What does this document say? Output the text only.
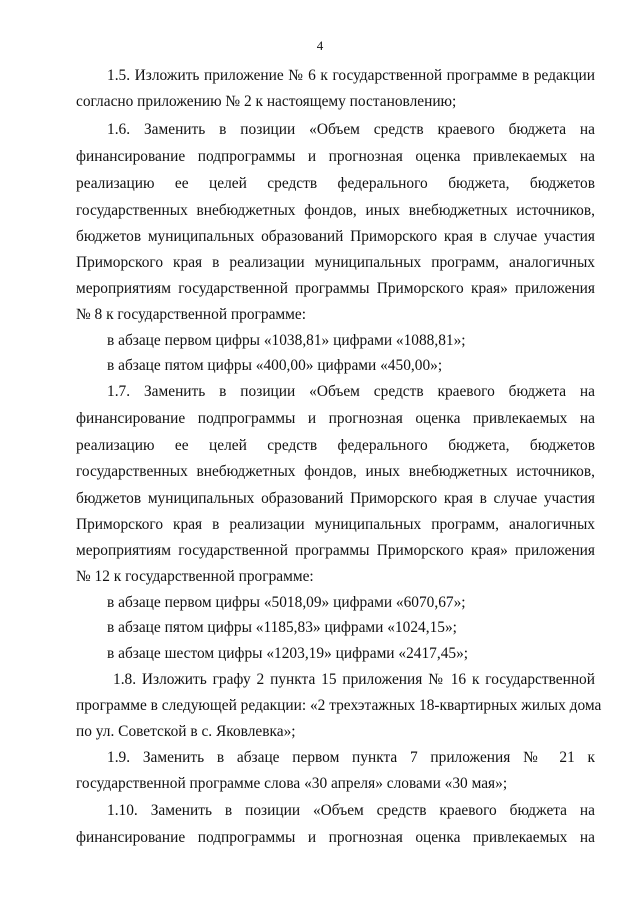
4
1.5. Изложить приложение № 6 к государственной программе в редакции
согласно приложению № 2 к настоящему постановлению;
1.6. Заменить в позиции «Объем средств краевого бюджета на
финансирование подпрограммы и прогнозная оценка привлекаемых на
реализацию ее целей средств федерального бюджета, бюджетов
государственных внебюджетных фондов, иных внебюджетных источников,
бюджетов муниципальных образований Приморского края в случае участия
Приморского края в реализации муниципальных программ, аналогичных
мероприятиям государственной программы Приморского края» приложения
№ 8 к государственной программе:
в абзаце первом цифры «1038,81» цифрами «1088,81»;
в абзаце пятом цифры «400,00» цифрами «450,00»;
1.7. Заменить в позиции «Объем средств краевого бюджета на
финансирование подпрограммы и прогнозная оценка привлекаемых на
реализацию ее целей средств федерального бюджета, бюджетов
государственных внебюджетных фондов, иных внебюджетных источников,
бюджетов муниципальных образований Приморского края в случае участия
Приморского края в реализации муниципальных программ, аналогичных
мероприятиям государственной программы Приморского края» приложения
№ 12 к государственной программе:
в абзаце первом цифры «5018,09» цифрами «6070,67»;
в абзаце пятом цифры «1185,83» цифрами «1024,15»;
в абзаце шестом цифры «1203,19» цифрами «2417,45»;
1.8. Изложить графу 2 пункта 15 приложения № 16 к государственной
программе в следующей редакции: «2 трехэтажных 18-квартирных жилых дома
по ул. Советской в с. Яковлевка»;
1.9. Заменить в абзаце первом пункта 7 приложения № 21 к
государственной программе слова «30 апреля» словами «30 мая»;
1.10. Заменить в позиции «Объем средств краевого бюджета на
финансирование подпрограммы и прогнозная оценка привлекаемых на
